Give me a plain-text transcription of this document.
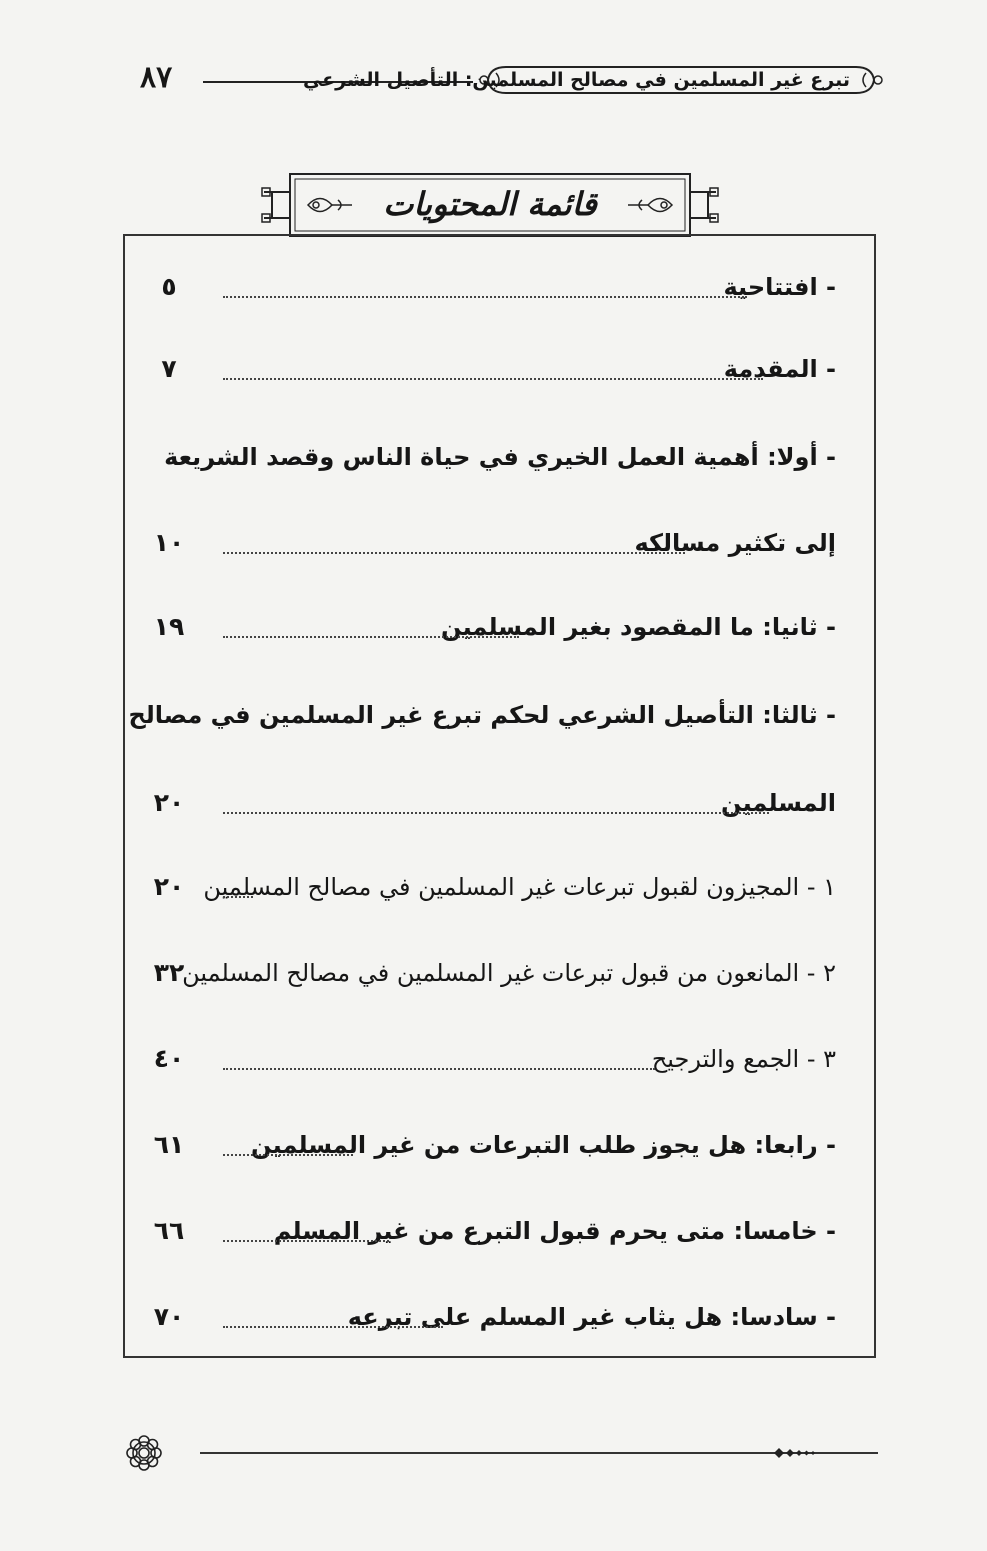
٨٧	تبرع غير المسلمين في مصالح المسلمين: التأصيل الشرعي
قائمة المحتويات
- افتتاحية
٥
- المقدمة
٧
- أولا: أهمية العمل الخيري في حياة الناس وقصد الشريعة
إلى تكثير مسالكه
١٠
- ثانيا: ما المقصود بغير المسلمين
١٩
- ثالثا: التأصيل الشرعي لحكم تبرع غير المسلمين في مصالح
المسلمين
٢٠
١ - المجيزون لقبول تبرعات غير المسلمين في مصالح المسلمين
٢٠
٢ - المانعون من قبول تبرعات غير المسلمين في مصالح المسلمين
٣٢
٣ - الجمع والترجيح
٤٠
- رابعا: هل يجوز طلب التبرعات من غير المسلمين
٦١
- خامسا: متى يحرم قبول التبرع من غير المسلم
٦٦
- سادسا: هل يثاب غير المسلم على تبرعه
٧٠
